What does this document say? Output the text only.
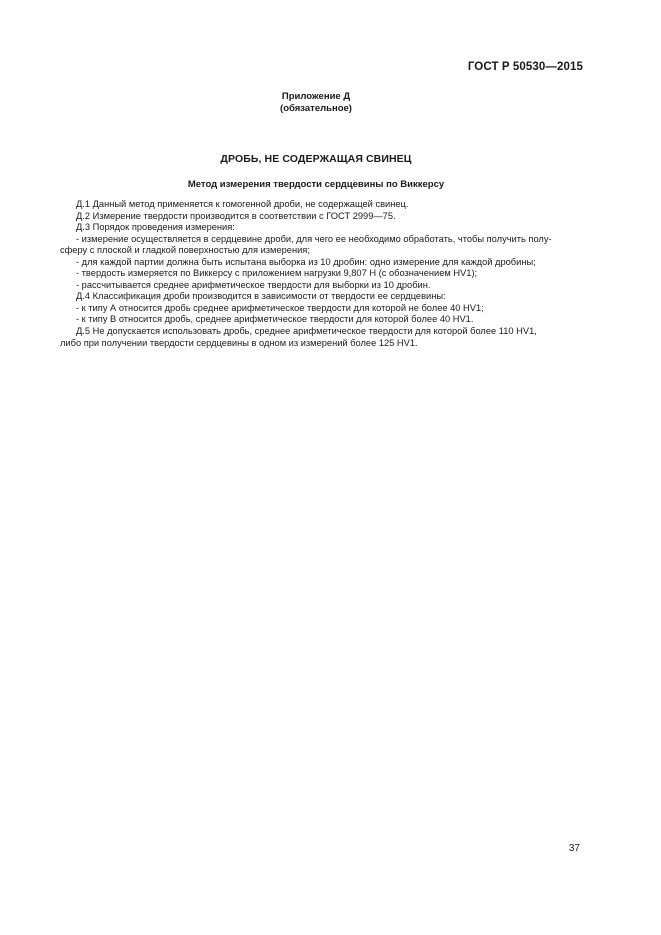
ГОСТ Р 50530—2015
Приложение Д
(обязательное)
ДРОБЬ, НЕ СОДЕРЖАЩАЯ СВИНЕЦ
Метод измерения твердости сердцевины по Виккерсу
Д.1 Данный метод применяется к гомогенной дроби, не содержащей свинец.
Д.2 Измерение твердости производится в соответствии с ГОСТ 2999—75.
Д.3 Порядок проведения измерения:
- измерение осуществляется в сердцевине дроби, для чего ее необходимо обработать, чтобы получить полу-
сферу с плоской и гладкой поверхностью для измерения;
- для каждой партии должна быть испытана выборка из 10 дробин: одно измерение для каждой дробины;
- твердость измеряется по Виккерсу с приложением нагрузки 9,807 Н (с обозначением HV1);
- рассчитывается среднее арифметическое твердости для выборки из 10 дробин.
Д.4 Классификация дроби производится в зависимости от твердости ее сердцевины:
- к типу А относится дробь среднее арифметическое твердости для которой не более 40 HV1;
- к типу В относится дробь, среднее арифметическое твердости для которой более 40 HV1.
Д.5 Не допускается использовать дробь, среднее арифметическое твердости для которой более 110 HV1,
либо при получении твердости сердцевины в одном из измерений более 125 HV1.
37
